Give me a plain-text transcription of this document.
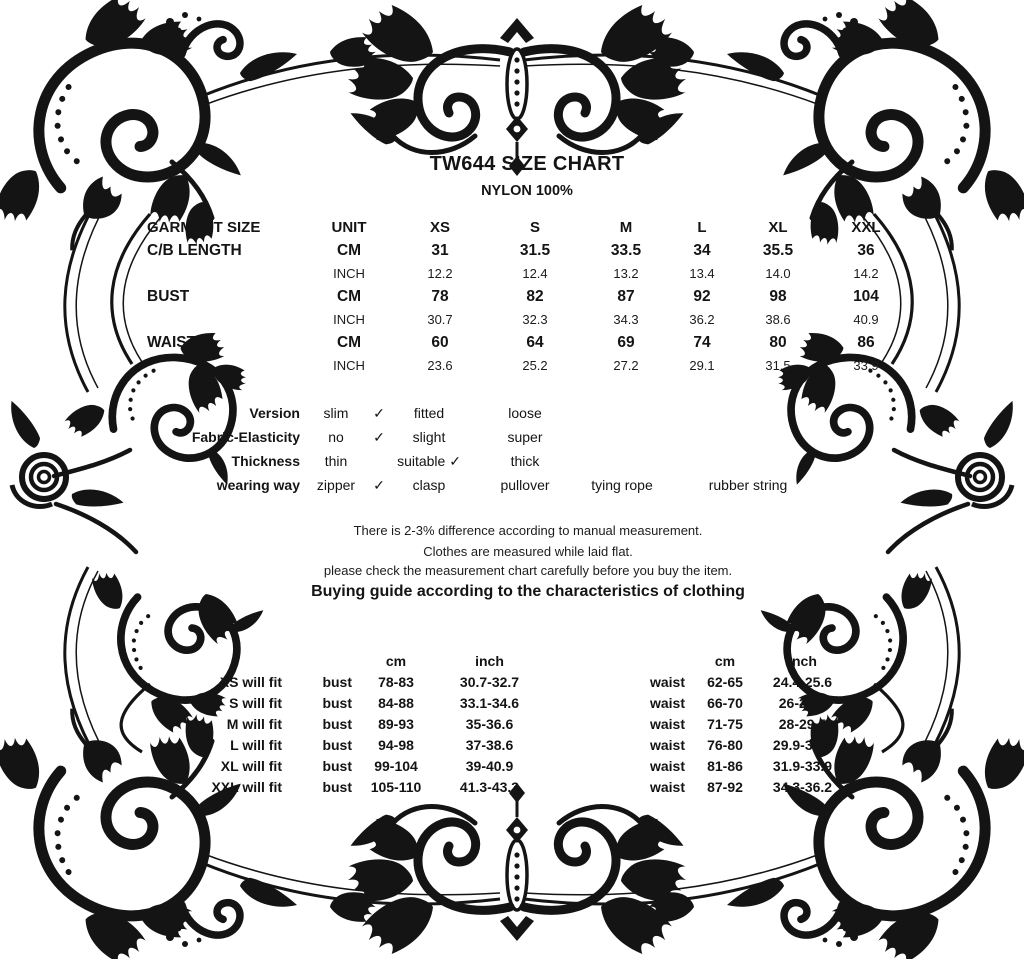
TW644 SIZE CHART
NYLON 100%
GARMENT SIZE	UNIT	XS	S	M	L	XL	XXL
C/B LENGTH	CM	31	31.5	33.5	34	35.5	36
INCH	12.2	12.4	13.2	13.4	14.0	14.2
BUST	CM	78	82	87	92	98	104
INCH	30.7	32.3	34.3	36.2	38.6	40.9
WAIST	CM	60	64	69	74	80	86
INCH	23.6	25.2	27.2	29.1	31.5	33.9
Version	slim	✓	fitted	loose
Fabric-Elasticity	no	✓	slight	super
Thickness	thin	suitable ✓	thick
wearing way	zipper	✓	clasp	pullover	tying rope	rubber string
There is 2-3% difference according to manual measurement.
Clothes are measured while laid flat.
please check the measurement chart carefully before you buy the item.
Buying guide according to the characteristics of clothing
cm	inch
XS will fit	bust	78-83	30.7-32.7
S will fit	bust	84-88	33.1-34.6
M will fit	bust	89-93	35-36.6
L will fit	bust	94-98	37-38.6
XL will fit	bust	99-104	39-40.9
XXL will fit	bust	105-110	41.3-43.3
cm	inch
waist	62-65	24.4-25.6
waist	66-70	26-27.6
waist	71-75	28-29.5
waist	76-80	29.9-31.5
waist	81-86	31.9-33.9
waist	87-92	34.3-36.2
